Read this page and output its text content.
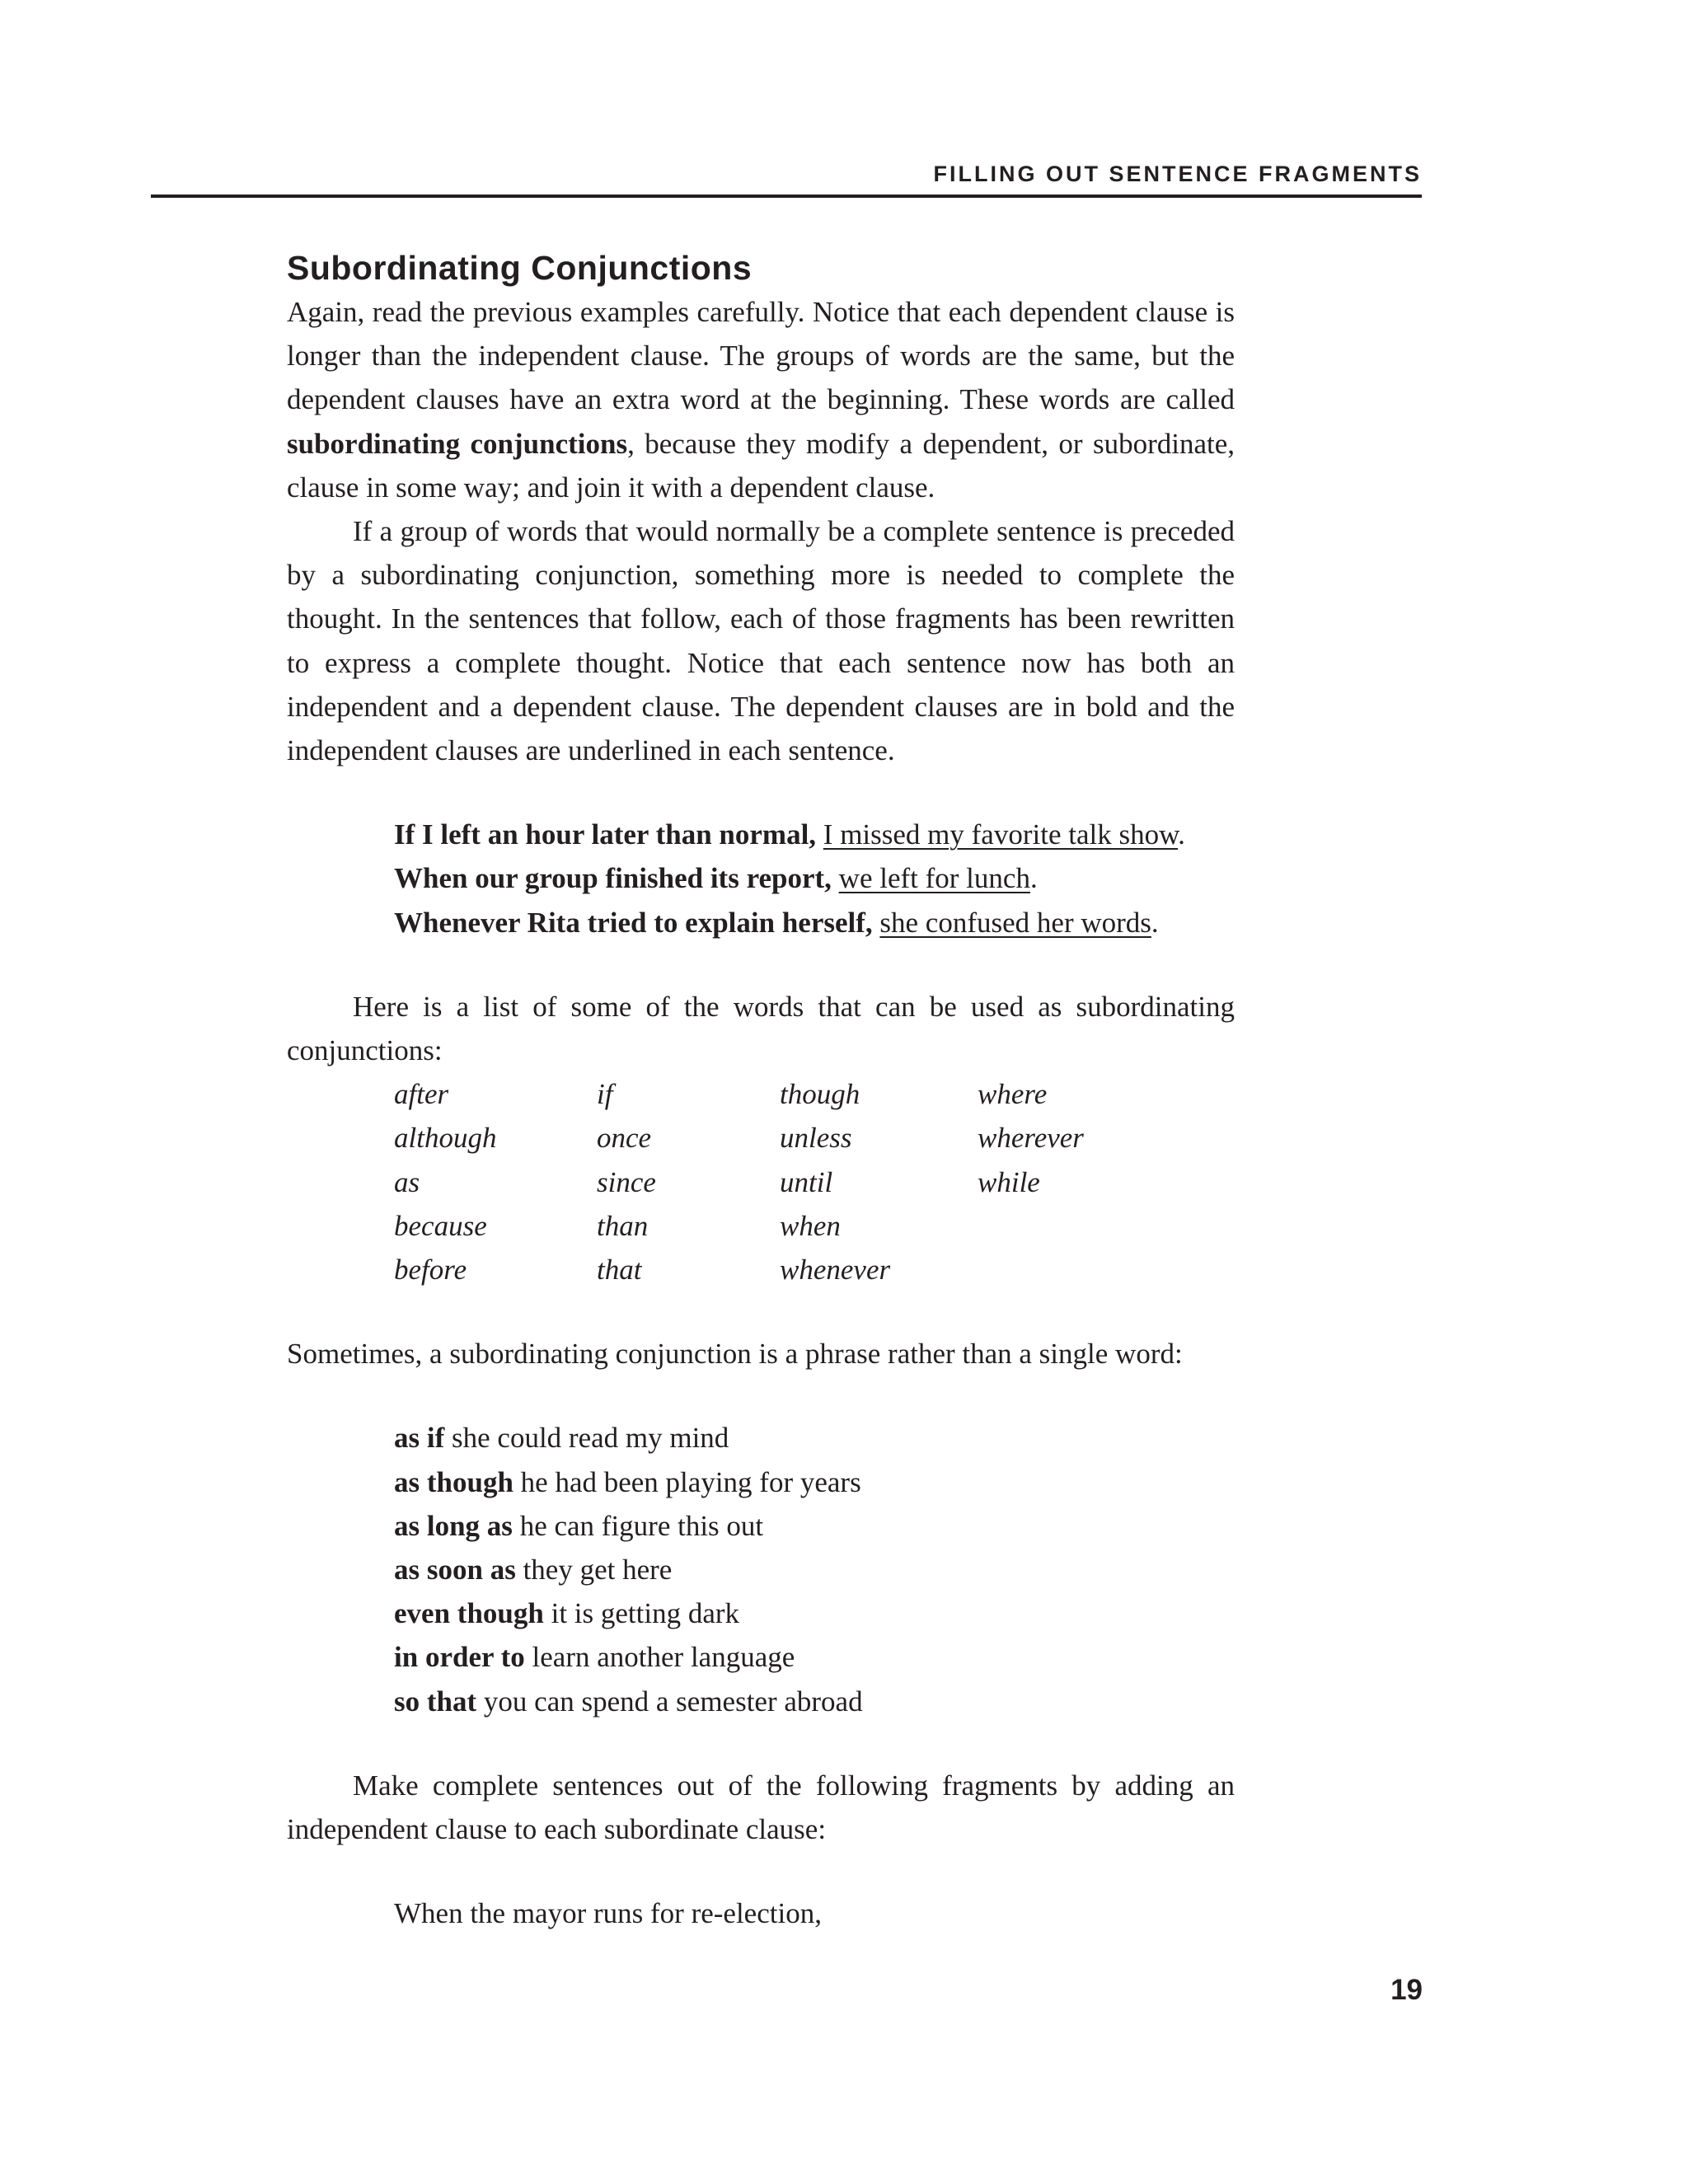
FILLING OUT SENTENCE FRAGMENTS
Subordinating Conjunctions

Again, read the previous examples carefully. Notice that each dependent clause is longer than the independent clause. The groups of words are the same, but the dependent clauses have an extra word at the beginning. These words are called subordinating conjunctions, because they modify a dependent, or subordinate, clause in some way; and join it with a dependent clause.

If a group of words that would normally be a complete sentence is preceded by a subordinating conjunction, something more is needed to complete the thought. In the sentences that follow, each of those fragments has been rewritten to express a complete thought. Notice that each sentence now has both an independent and a dependent clause. The dependent clauses are in bold and the independent clauses are underlined in each sentence.

If I left an hour later than normal, I missed my favorite talk show.
When our group finished its report, we left for lunch.
Whenever Rita tried to explain herself, she confused her words.

Here is a list of some of the words that can be used as subordinating conjunctions:

after	if	though	where
although	once	unless	wherever
as	since	until	while
because	than	when
before	that	whenever

Sometimes, a subordinating conjunction is a phrase rather than a single word:

as if she could read my mind
as though he had been playing for years
as long as he can figure this out
as soon as they get here
even though it is getting dark
in order to learn another language
so that you can spend a semester abroad

Make complete sentences out of the following fragments by adding an independent clause to each subordinate clause:

When the mayor runs for re-election,
19
